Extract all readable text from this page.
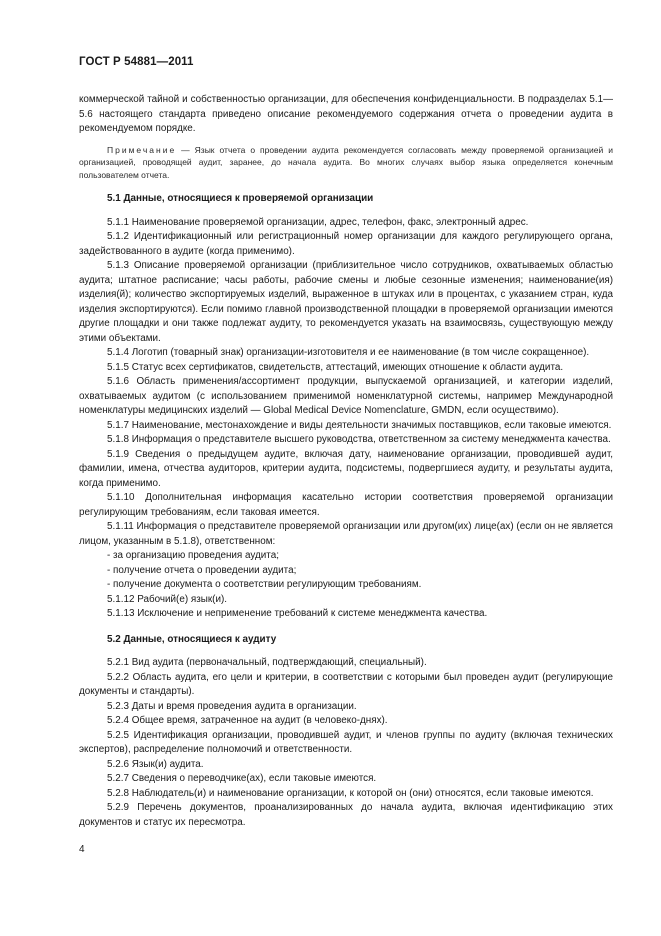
ГОСТ Р 54881—2011

коммерческой тайной и собственностью организации, для обеспечения конфиденциальности. В подразделах 5.1—5.6 настоящего стандарта приведено описание рекомендуемого содержания отчета о проведении аудита в рекомендуемом порядке.

Примечание — Язык отчета о проведении аудита рекомендуется согласовать между проверяемой организацией и организацией, проводящей аудит, заранее, до начала аудита. Во многих случаях выбор языка определяется конечным пользователем отчета.

5.1 Данные, относящиеся к проверяемой организации

5.1.1 Наименование проверяемой организации, адрес, телефон, факс, электронный адрес.

5.1.2 Идентификационный или регистрационный номер организации для каждого регулирующего органа, задействованного в аудите (когда применимо).

5.1.3 Описание проверяемой организации (приблизительное число сотрудников, охватываемых областью аудита; штатное расписание; часы работы, рабочие смены и любые сезонные изменения; наименование(ия) изделия(й); количество экспортируемых изделий, выраженное в штуках или в процентах, с указанием стран, куда изделия экспортируются). Если помимо главной производственной площадки в проверяемой организации имеются другие площадки и они также подлежат аудиту, то рекомендуется указать на взаимосвязь, существующую между этими объектами.

5.1.4 Логотип (товарный знак) организации-изготовителя и ее наименование (в том числе сокращенное).

5.1.5 Статус всех сертификатов, свидетельств, аттестаций, имеющих отношение к области аудита.

5.1.6 Область применения/ассортимент продукции, выпускаемой организацией, и категории изделий, охватываемых аудитом (с использованием применимой номенклатурной системы, например Международной номенклатуры медицинских изделий — Global Medical Device Nomenclature, GMDN, если осуществимо).

5.1.7 Наименование, местонахождение и виды деятельности значимых поставщиков, если таковые имеются.

5.1.8 Информация о представителе высшего руководства, ответственном за систему менеджмента качества.

5.1.9 Сведения о предыдущем аудите, включая дату, наименование организации, проводившей аудит, фамилии, имена, отчества аудиторов, критерии аудита, подсистемы, подвергшиеся аудиту, и результаты аудита, когда применимо.

5.1.10 Дополнительная информация касательно истории соответствия проверяемой организации регулирующим требованиям, если таковая имеется.

5.1.11 Информация о представителе проверяемой организации или другом(их) лице(ах) (если он не является лицом, указанным в 5.1.8), ответственном:

- за организацию проведения аудита;

- получение отчета о проведении аудита;

- получение документа о соответствии регулирующим требованиям.

5.1.12 Рабочий(е) язык(и).

5.1.13 Исключение и неприменение требований к системе менеджмента качества.

5.2 Данные, относящиеся к аудиту

5.2.1 Вид аудита (первоначальный, подтверждающий, специальный).

5.2.2 Область аудита, его цели и критерии, в соответствии с которыми был проведен аудит (регулирующие документы и стандарты).

5.2.3 Даты и время проведения аудита в организации.

5.2.4 Общее время, затраченное на аудит (в человеко-днях).

5.2.5 Идентификация организации, проводившей аудит, и членов группы по аудиту (включая технических экспертов), распределение полномочий и ответственности.

5.2.6 Язык(и) аудита.

5.2.7 Сведения о переводчике(ах), если таковые имеются.

5.2.8 Наблюдатель(и) и наименование организации, к которой он (они) относятся, если таковые имеются.

5.2.9 Перечень документов, проанализированных до начала аудита, включая идентификацию этих документов и статус их пересмотра.

4
